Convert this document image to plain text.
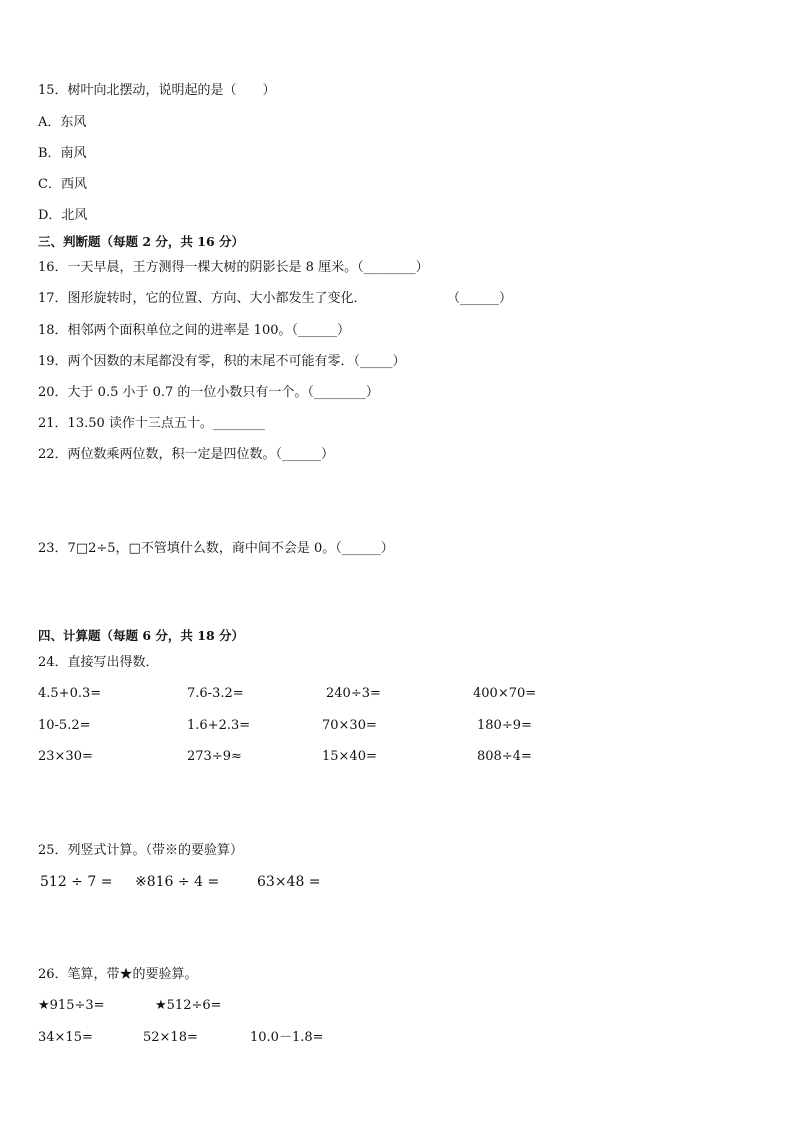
15．树叶向北摆动，说明起的是（　　）
A．东风
B．南风
C．西风
D．北风
三、判断题（每题 2 分，共 16 分）
16．一天早晨，王方测得一棵大树的阴影长是 8 厘米。（________）
17．图形旋转时，它的位置、方向、大小都发生了变化．	（______）
18．相邻两个面积单位之间的进率是 100。（______）
19．两个因数的末尾都没有零，积的末尾不可能有零．（_____）
20．大于 0.5 小于 0.7 的一位小数只有一个。（________）
21．13.50 读作十三点五十。________
22．两位数乘两位数，积一定是四位数。（______）
23．7□2÷5，□不管填什么数，商中间不会是 0。（______）
四、计算题（每题 6 分，共 18 分）
24．直接写出得数．
4.5+0.3=	7.6-3.2=	240÷3=	400×70=
10-5.2=	1.6+2.3=	70×30=	180÷9=
23×30=	273÷9≈	15×40=	808÷4=
25．列竖式计算。（带※的要验算）
512 ÷ 7 = ※816 ÷ 4 =	63×48 =
26．笔算，带★的要验算。
★915÷3=	★512÷6=
34×15=	52×18=	10.0－1.8=
